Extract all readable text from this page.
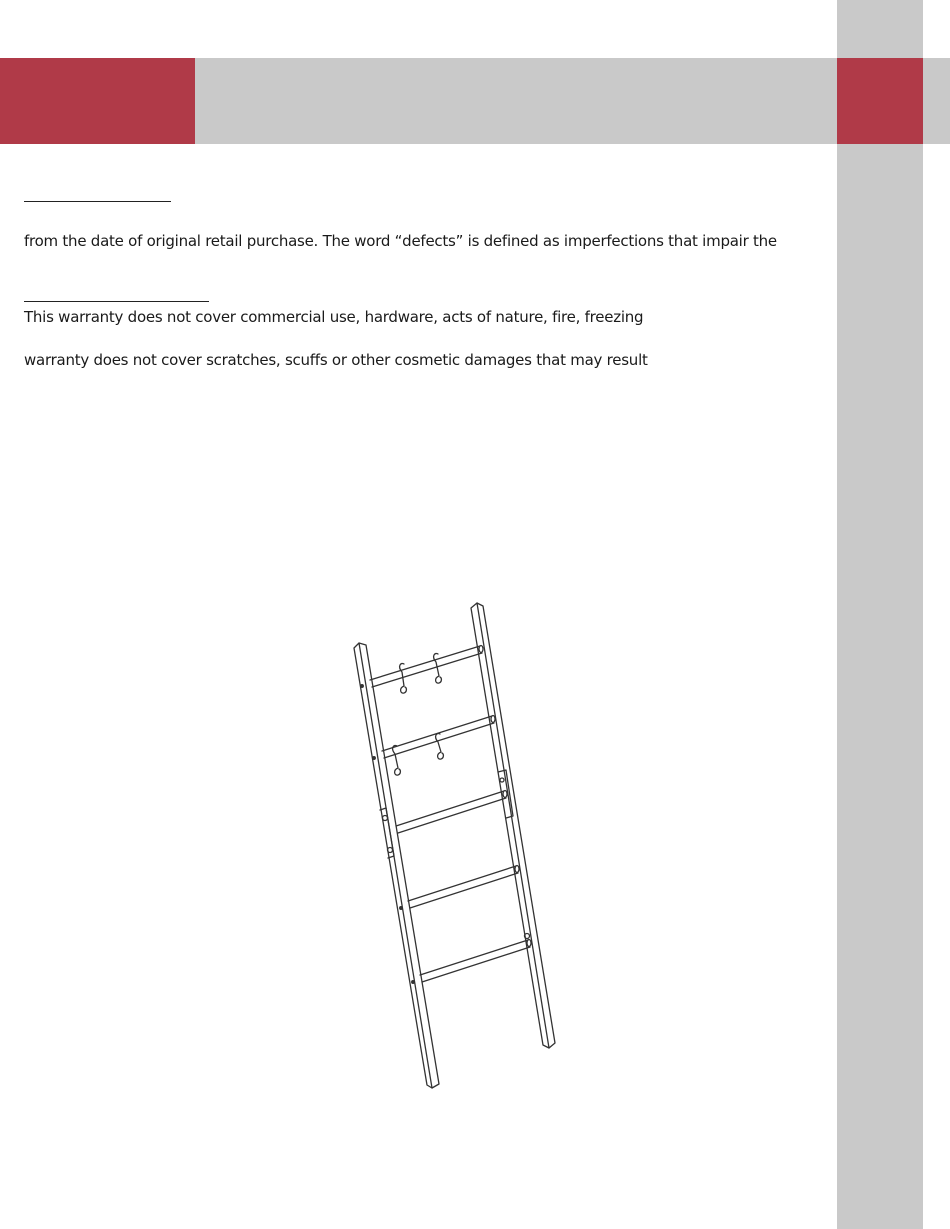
from the date of original retail purchase. The word “defects” is defined as imperfections that impair the

This warranty does not cover commercial use, hardware, acts of nature, fire, freezing

warranty does not cover scratches, scuffs or other cosmetic damages that may result
